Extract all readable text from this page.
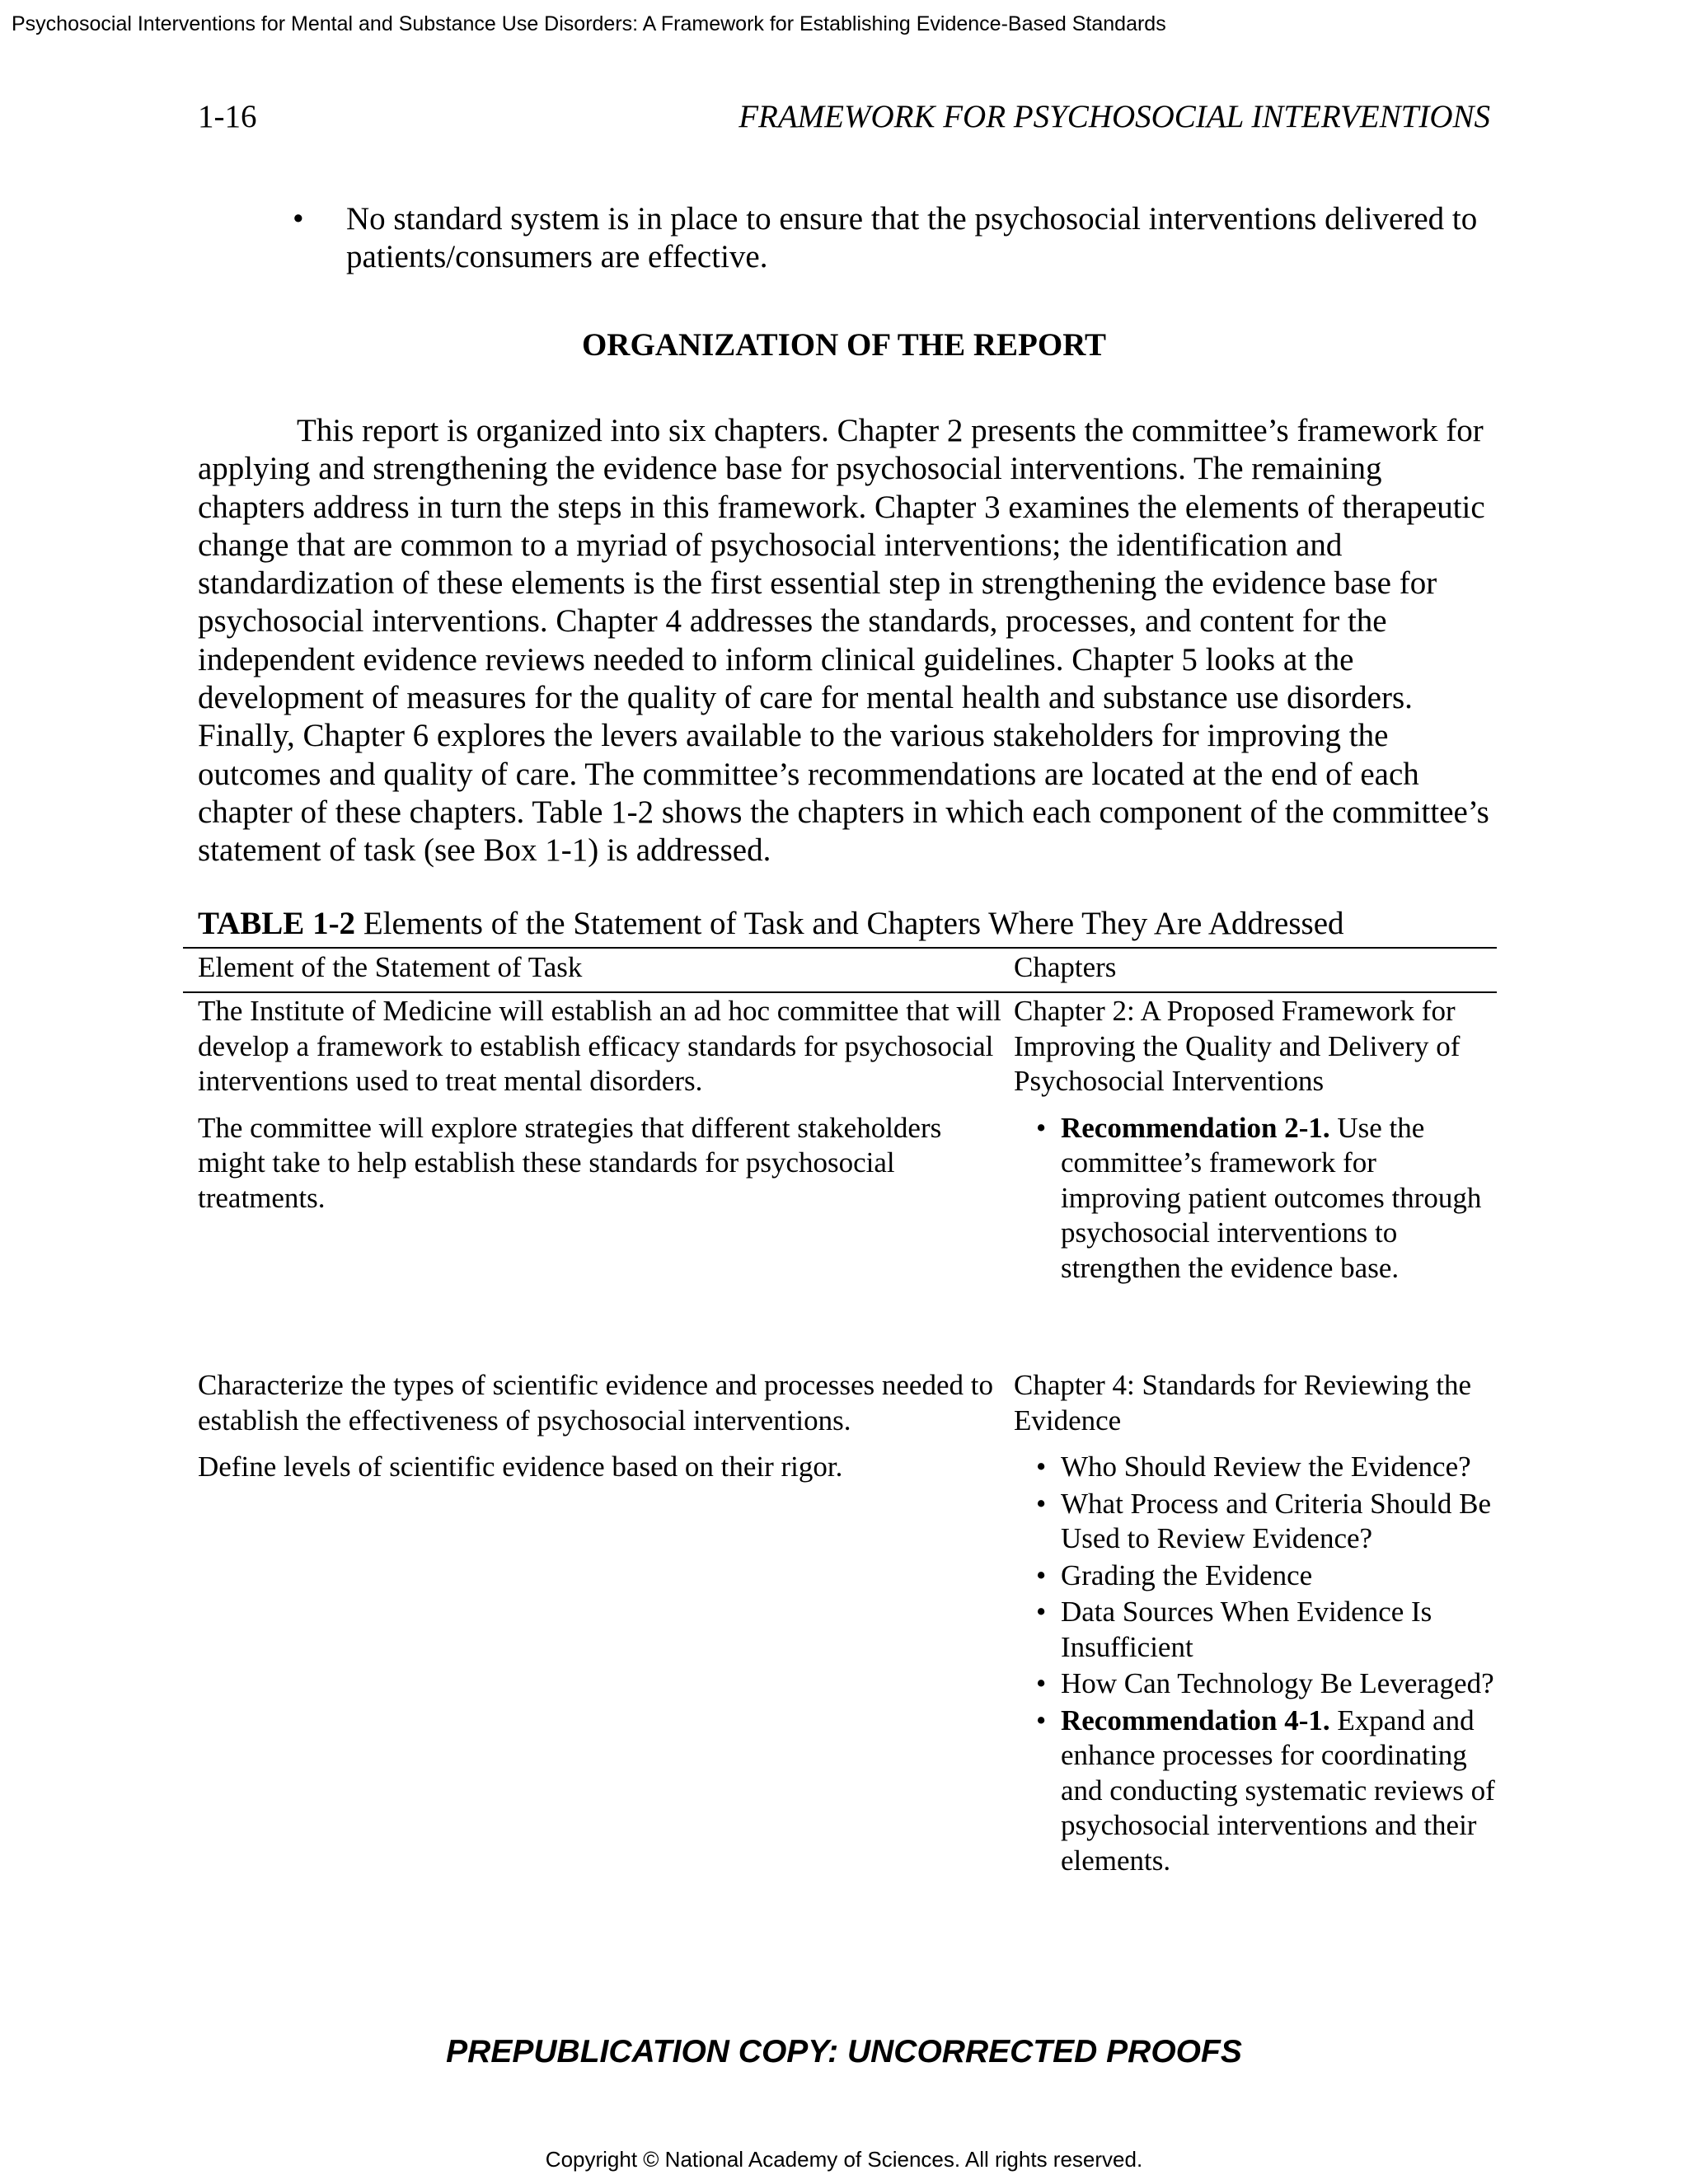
Psychosocial Interventions for Mental and Substance Use Disorders: A Framework for Establishing Evidence-Based Standards
1-16	FRAMEWORK FOR PSYCHOSOCIAL INTERVENTIONS
• No standard system is in place to ensure that the psychosocial interventions delivered to patients/consumers are effective.
ORGANIZATION OF THE REPORT
This report is organized into six chapters. Chapter 2 presents the committee’s framework for applying and strengthening the evidence base for psychosocial interventions. The remaining chapters address in turn the steps in this framework. Chapter 3 examines the elements of therapeutic change that are common to a myriad of psychosocial interventions; the identification and standardization of these elements is the first essential step in strengthening the evidence base for psychosocial interventions. Chapter 4 addresses the standards, processes, and content for the independent evidence reviews needed to inform clinical guidelines. Chapter 5 looks at the development of measures for the quality of care for mental health and substance use disorders. Finally, Chapter 6 explores the levers available to the various stakeholders for improving the outcomes and quality of care. The committee’s recommendations are located at the end of each chapter of these chapters. Table 1-2 shows the chapters in which each component of the committee’s statement of task (see Box 1-1) is addressed.
TABLE 1-2 Elements of the Statement of Task and Chapters Where They Are Addressed
Element of the Statement of Task	Chapters

The Institute of Medicine will establish an ad hoc committee that will develop a framework to establish efficacy standards for psychosocial interventions used to treat mental disorders.

The committee will explore strategies that different stakeholders might take to help establish these standards for psychosocial treatments.

Chapter 2: A Proposed Framework for Improving the Quality and Delivery of Psychosocial Interventions

• Recommendation 2-1. Use the committee’s framework for improving patient outcomes through psychosocial interventions to strengthen the evidence base.

Characterize the types of scientific evidence and processes needed to establish the effectiveness of psychosocial interventions.

Define levels of scientific evidence based on their rigor.

Chapter 4: Standards for Reviewing the Evidence

• Who Should Review the Evidence?
• What Process and Criteria Should Be Used to Review Evidence?
• Grading the Evidence
• Data Sources When Evidence Is Insufficient
• How Can Technology Be Leveraged?
• Recommendation 4-1. Expand and enhance processes for coordinating and conducting systematic reviews of psychosocial interventions and their elements.
PREPUBLICATION COPY: UNCORRECTED PROOFS
Copyright © National Academy of Sciences. All rights reserved.
